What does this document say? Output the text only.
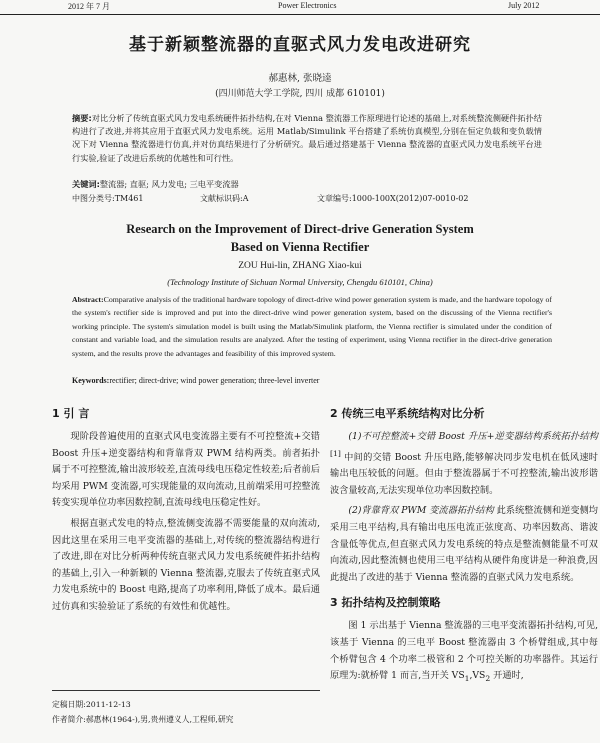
2012 年 7 月	Power Electronics	July 2012
基于新颖整流器的直驱式风力发电改进研究
郝惠林, 张晓逵
(四川师范大学工学院, 四川 成都 610101)
摘要:对比分析了传统直驱式风力发电系统硬件拓扑结构,在对 Vienna 整流器工作原理进行论述的基础上,对系统整流侧硬件拓扑结构进行了改进,并将其应用于直驱式风力发电系统。运用 Matlab/Simulink 平台搭建了系统仿真模型,分别在恒定负载和变负载情况下对 Vienna 整流器进行仿真,并对仿真结果进行了分析研究。最后通过搭建基于 Vienna 整流器的直驱式风力发电系统平台进行实验,验证了改进后系统的优越性和可行性。
关键词:整流器; 直驱; 风力发电; 三电平变流器
中图分类号:TM461	文献标识码:A	文章编号:1000-100X(2012)07-0010-02
Research on the Improvement of Direct-drive Generation System
Based on Vienna Rectifier
ZOU Hui-lin, ZHANG Xiao-kui
(Technology Institute of Sichuan Normal University, Chengdu 610101, China)
Abstract:Comparative analysis of the traditional hardware topology of direct-drive wind power generation system is made, and the hardware topology of the system's rectifier side is improved and put into the direct-drive wind power generation system, based on the discussing of the Vienna rectifier's working principle. The system's simulation model is built using the Matlab/Simulink platform, the Vienna rectifier is simulated under the condition of constant and variable load, and the simulation results are analyzed. After the testing of experiment, using Vienna rectifier in the direct-drive generation system, and the results prove the advantages and feasibility of this improved system.
Keywords:rectifier; direct-drive; wind power generation; three-level inverter
1 引 言

现阶段普遍使用的直驱式风电变流器主要有不可控整流+交错 Boost 升压+逆变器结构和背靠背双 PWM 结构两类。前者拓扑属于不可控整流,输出波形较差,直流母线电压稳定性较差;后者前后均采用 PWM 变流器,可实现能量的双向流动,且前端采用可控整流转变实现单位功率因数控制,直流母线电压稳定性好。

根据直驱式发电的特点,整流侧变流器不需要能量的双向流动,因此这里在采用三电平变流器的基础上,对传统的整流器结构进行了改进,即在对比分析两种传统直驱式风力发电系统硬件拓扑结构的基础上,引入一种新颖的 Vienna 整流器,克服去了传统直驱式风力发电系统中的 Boost 电路,提高了功率利用,降低了成本。最后通过仿真和实验验证了系统的有效性和优越性。

2 传统三电平系统结构对比分析

(1)不可控整流+交错 Boost 升压+逆变器结构系统拓扑结构[1] 中间的交错 Boost 升压电路,能够解决同步发电机在低风速时输出电压较低的问题。但由于整流器属于不可控整流,输出波形谐波含量较高,无法实现单位功率因数控制。

(2)背靠背双 PWM 变流器拓扑结构 此系统整流侧和逆变侧均采用三电平结构,具有输出电压电流正弦度高、功率因数高、谐波含量低等优点,但直驱式风力发电系统的特点是整流侧能量不可双向流动,因此整流侧也使用三电平结构从硬件角度讲是一种浪费,因此提出了改进的基于 Vienna 整流器的直驱式风力发电系统。

3 拓扑结构及控制策略

图 1 示出基于 Vienna 整流器的三电平变流器拓扑结构,可见,该基于 Vienna 的三电平 Boost 整流器由 3 个桥臂组成,其中每个桥臂包含 4 个功率二极管和 2 个可控关断的功率器件。其运行原理为:就桥臂 1 而言,当开关 $VS_1,VS_2$ 开通时,

定稿日期:2011-12-13
作者简介:郝惠林(1964-),男,贵州遵义人,工程师,研究
